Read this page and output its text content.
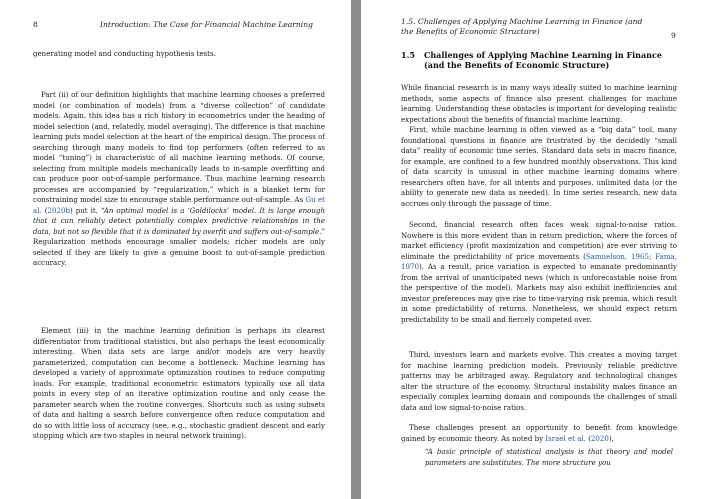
8	Introduction: The Case for Financial Machine Learning

generating model and conducting hypothesis tests.

Part (ii) of our definition highlights that machine learning chooses a preferred model (or combination of models) from a “diverse collection” of candidate models. Again, this idea has a rich history in econometrics under the heading of model selection (and, relatedly, model averaging). The difference is that machine learning puts model selection at the heart of the empirical design. The process of searching through many models to find top performers (often referred to as model “tuning”) is characteristic of all machine learning methods. Of course, selecting from multiple models mechanically leads to in-sample overfitting and can produce poor out-of-sample performance. Thus machine learning research processes are accompanied by “regularization,” which is a blanket term for constraining model size to encourage stable performance out-of-sample. As Gu et al. (2020b) put it, “An optimal model is a ‘Goldilocks’ model. It is large enough that it can reliably detect potentially complex predictive relationships in the data, but not so flexible that it is dominated by overfit and suffers out-of-sample.” Regularization methods encourage smaller models; richer models are only selected if they are likely to give a genuine boost to out-of-sample prediction accuracy.

Element (iii) in the machine learning definition is perhaps its clearest differentiator from traditional statistics, but also perhaps the least economically interesting. When data sets are large and/or models are very heavily parameterized, computation can become a bottleneck. Machine learning has developed a variety of approximate optimization routines to reduce computing loads. For example, traditional econometric estimators typically use all data points in every step of an iterative optimization routine and only cease the parameter search when the routine converges. Shortcuts such as using subsets of data and halting a search before convergence often reduce computation and do so with little loss of accuracy (see, e.g., stochastic gradient descent and early stopping which are two staples in neural network training).

1.5. Challenges of Applying Machine Learning in Finance (and the Benefits of Economic Structure)	9
1.5 Challenges of Applying Machine Learning in Finance (and the Benefits of Economic Structure)

While financial research is in many ways ideally suited to machine learning methods, some aspects of finance also present challenges for machine learning. Understanding these obstacles is important for developing realistic expectations about the benefits of financial machine learning.

First, while machine learning is often viewed as a “big data” tool, many foundational questions in finance are frustrated by the decidedly “small data” reality of economic time series. Standard data sets in macro finance, for example, are confined to a few hundred monthly observations. This kind of data scarcity is unusual in other machine learning domains where researchers often have, for all intents and purposes, unlimited data (or the ability to generate new data as needed). In time series research, new data accrues only through the passage of time.

Second, financial research often faces weak signal-to-noise ratios. Nowhere is this more evident than in return prediction, where the forces of market efficiency (profit maximization and competition) are ever striving to eliminate the predictability of price movements (Samuelson, 1965; Fama, 1970). As a result, price variation is expected to emanate predominantly from the arrival of unanticipated news (which is unforecastable noise from the perspective of the model). Markets may also exhibit inefficiencies and investor preferences may give rise to time-varying risk premia, which result in some predictability of returns. Nonetheless, we should expect return predictability to be small and fiercely competed over.

Third, investors learn and markets evolve. This creates a moving target for machine learning prediction models. Previously reliable predictive patterns may be arbitraged away. Regulatory and technological changes alter the structure of the economy. Structural instability makes finance an especially complex learning domain and compounds the challenges of small data and low signal-to-noise ratios.

These challenges present an opportunity to benefit from knowledge gained by economic theory. As noted by Israel et al. (2020),

“A basic principle of statistical analysis is that theory and model parameters are substitutes. The more structure you
